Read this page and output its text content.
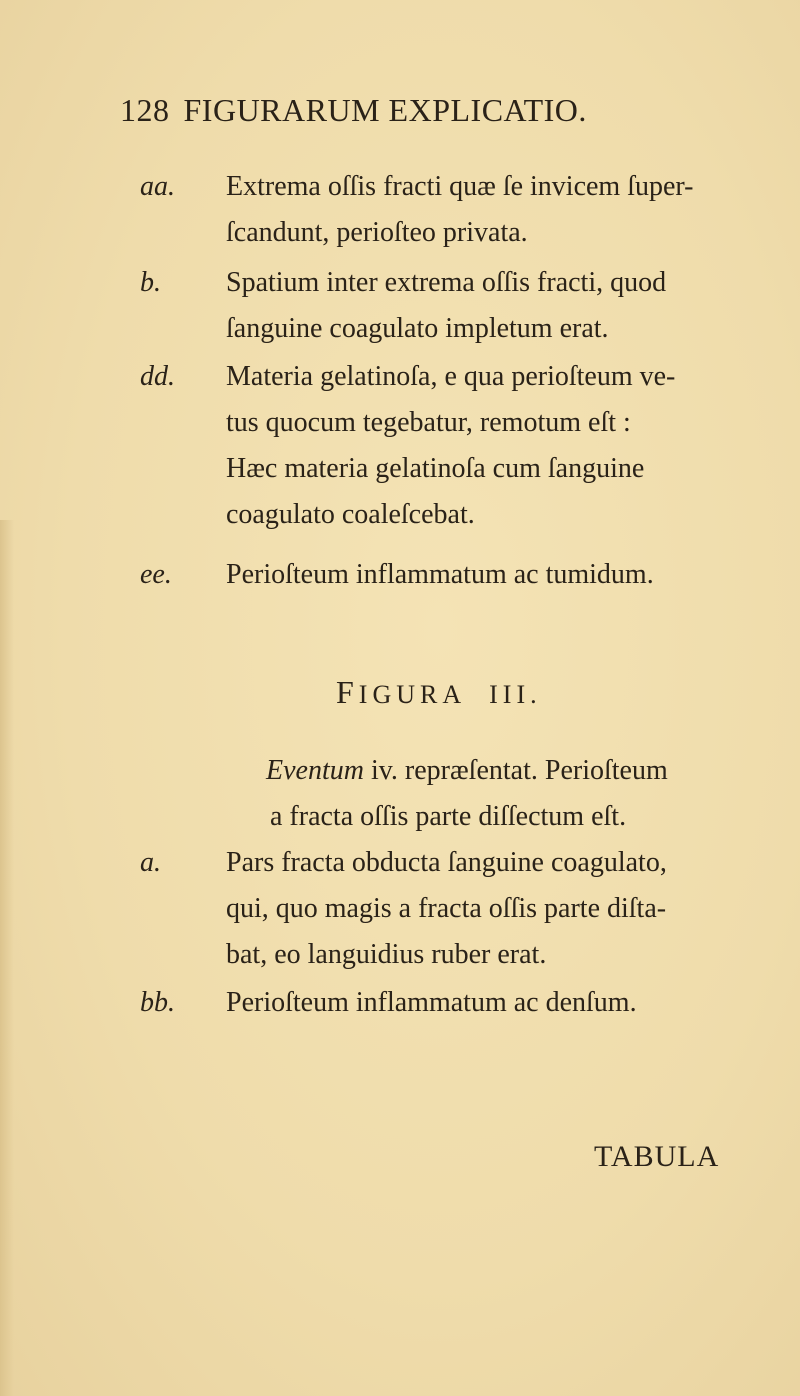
128 FIGURARUM EXPLICATIO.
aa. Extrema oſſis fracti quæ ſe invicem ſuper-
ſcandunt, perioſteo privata.
b. Spatium inter extrema oſſis fracti, quod
ſanguine coagulato impletum erat.
dd. Materia gelatinoſa, e qua perioſteum ve-
tus quocum tegebatur, remotum eſt :
Hæc materia gelatinoſa cum ſanguine
coagulato coaleſcebat.
ee. Perioſteum inflammatum ac tumidum.
FIGURA III.
Eventum iv. repræſentat. Perioſteum
a fracta oſſis parte diſſectum eſt.
a. Pars fracta obducta ſanguine coagulato,
qui, quo magis a fracta oſſis parte diſta-
bat, eo languidius ruber erat.
bb. Perioſteum inflammatum ac denſum.
TABULA
